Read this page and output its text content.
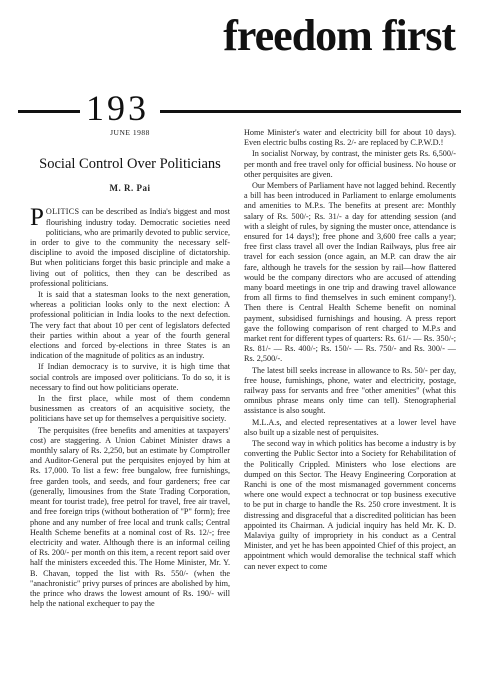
freedom first
193
JUNE 1988
Social Control Over Politicians
M. R. Pai

POLITICS can be described as India's biggest and most flourishing industry today. Democratic societies need politicians, who are primarily devoted to public service, in order to give to the community the necessary self-discipline to avoid the imposed discipline of dictatorship. But when politicians forget this basic principle and make a living out of politics, then they can be described as professional politicians.

It is said that a statesman looks to the next generation, whereas a politician looks only to the next election: A professional politician in India looks to the next defection. The very fact that about 10 per cent of legislators defected their parties within about a year of the fourth general elections and forced by-elections in three States is an indication of the magnitude of politics as an industry.

If Indian democracy is to survive, it is high time that social controls are imposed over politicians. To do so, it is necessary to find out how politicians operate.

In the first place, while most of them condemn businessmen as creators of an acquisitive society, the politicians have set up for themselves a perquisitive society.

The perquisites (free benefits and amenities at taxpayers' cost) are staggering. A Union Cabinet Minister draws a monthly salary of Rs. 2,250, but an estimate by Comptroller and Auditor-General put the perquisites enjoyed by him at Rs. 17,000. To list a few: free bungalow, free furnishings, free garden tools, and seeds, and four gardeners; free car (generally, limousines from the State Trading Corporation, meant for tourist trade), free petrol for travel, free air travel, and free foreign trips (without botheration of "P" form); free phone and any number of free local and trunk calls; Central Health Scheme benefits at a nominal cost of Rs. 12/-; free electricity and water. Although there is an informal ceiling of Rs. 200/- per month on this item, a recent report said over half the ministers exceeded this. The Home Minister, Mr. Y. B. Chavan, topped the list with Rs. 550/- (when the "anachronistic" privy purses of princes are abolished by him, the prince who draws the lowest amount of Rs. 190/- will help the national exchequer to pay the

Home Minister's water and electricity bill for about 10 days). Even electric bulbs costing Rs. 2/- are replaced by C.P.W.D.!

In socialist Norway, by contrast, the minister gets Rs. 6,500/- per month and free travel only for official business. No house or other perquisites are given.

Our Members of Parliament have not lagged behind. Recently a bill has been introduced in Parliament to enlarge emoluments and amenities to M.P.s. The benefits at present are: Monthly salary of Rs. 500/-; Rs. 31/- a day for attending session (and with a sleight of rules, by signing the muster once, attendance is ensured for 14 days!); free phone and 3,600 free calls a year; free first class travel all over the Indian Railways, plus free air travel for each session (once again, an M.P. can draw the air fare, although he travels for the session by rail—how flattered would be the company directors who are accused of attending many board meetings in one trip and drawing travel allowance from all firms to find themselves in such eminent company!). Then there is Central Health Scheme benefit on nominal payment, subsidised furnishings and housing. A press report gave the following comparison of rent charged to M.P.s and market rent for different types of quarters: Rs. 61/- — Rs. 350/-; Rs. 81/- — Rs. 400/-; Rs. 150/- — Rs. 750/- and Rs. 300/- — Rs. 2,500/-.

The latest bill seeks increase in allowance to Rs. 50/- per day, free house, furnishings, phone, water and electricity, postage, railway pass for servants and free "other amenities" (what this omnibus phrase means only time can tell). Stenographerial assistance is also sought.

M.L.A.s, and elected representatives at a lower level have also built up a sizable nest of perquisites.

The second way in which politics has become a industry is by converting the Public Sector into a Society for Rehabilitation of the Politically Crippled. Ministers who lose elections are dumped on this Sector. The Heavy Engineering Corporation at Ranchi is one of the most mismanaged government concerns where one would expect a technocrat or top business executive to be put in charge to handle the Rs. 250 crore investment. It is distressing and disgraceful that a discredited politician has been appointed its Chairman. A judicial inquiry has held Mr. K. D. Malaviya guilty of impropriety in his conduct as a Central Minister, and yet he has been appointed Chief of this project, an appointment which would demoralise the technical staff which can never expect to come
